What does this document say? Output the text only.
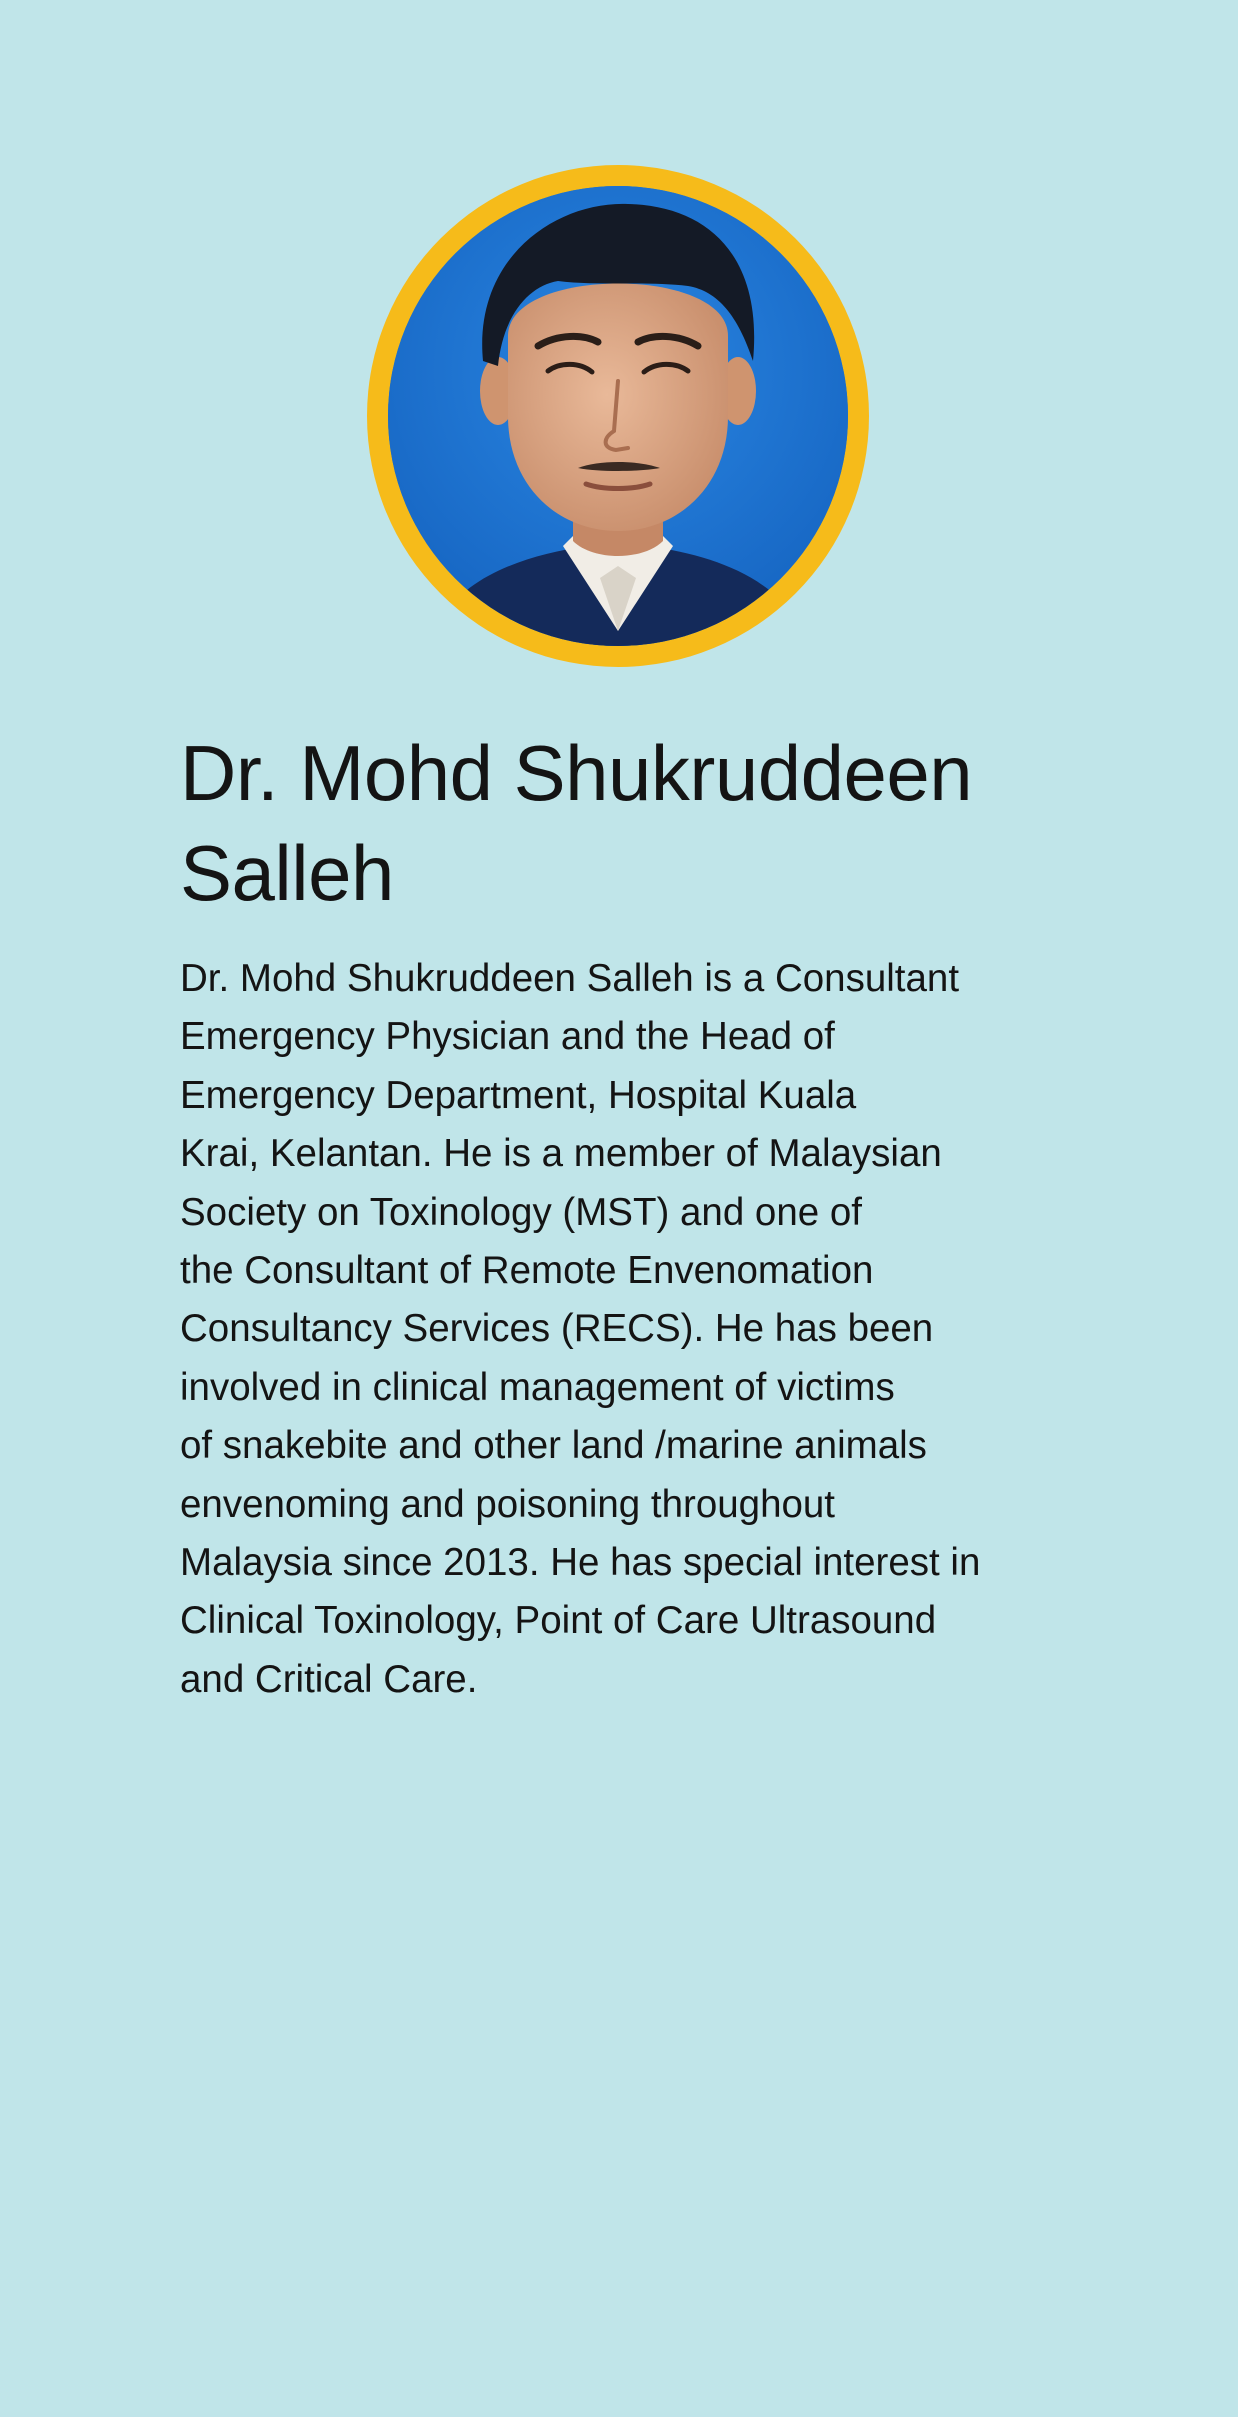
Dr. Mohd Shukruddeen
Salleh

Dr. Mohd Shukruddeen Salleh is a Consultant
Emergency Physician and the Head of
Emergency Department, Hospital Kuala
Krai, Kelantan. He is a member of Malaysian
Society on Toxinology (MST) and one of
the Consultant of Remote Envenomation
Consultancy Services (RECS). He has been
involved in clinical management of victims
of snakebite and other land /marine animals
envenoming and poisoning throughout
Malaysia since 2013. He has special interest in
Clinical Toxinology, Point of Care Ultrasound
and Critical Care.
